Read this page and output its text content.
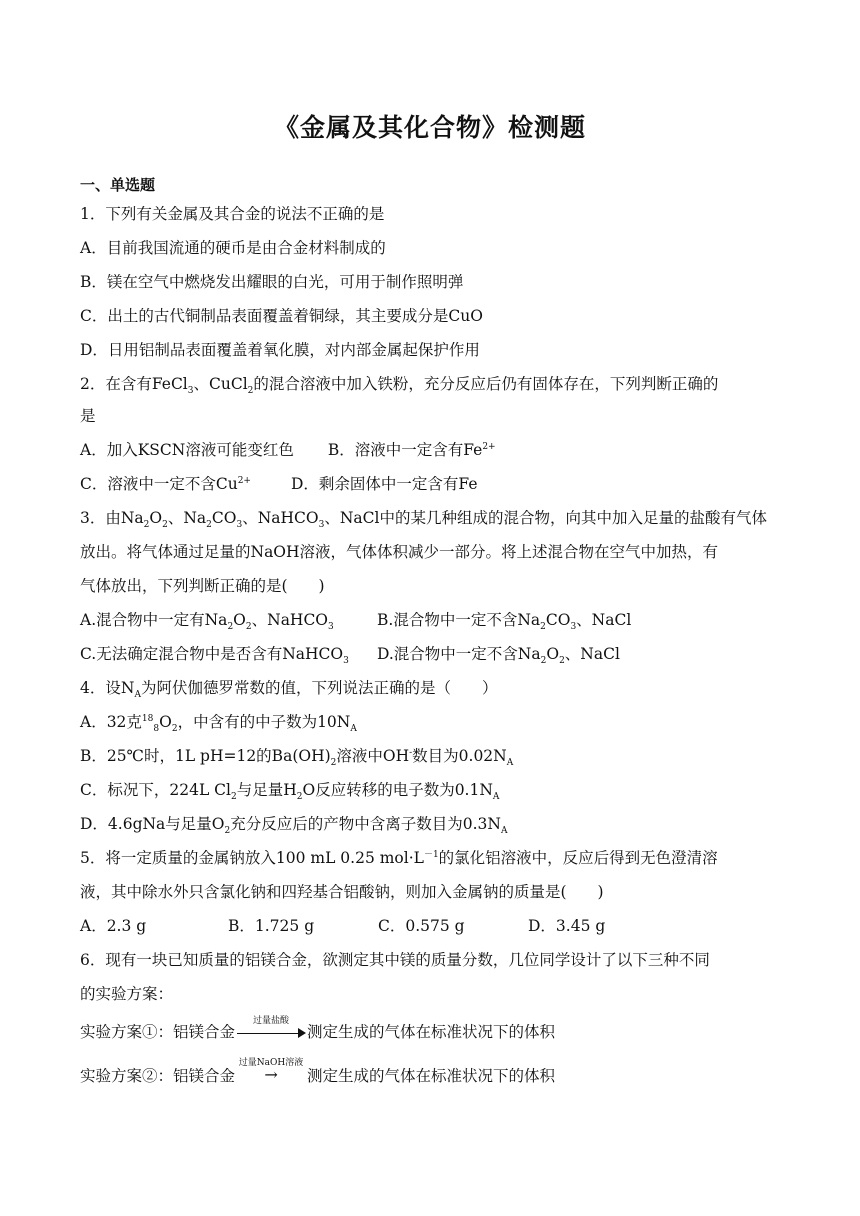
《金属及其化合物》检测题
一、单选题
1．下列有关金属及其合金的说法不正确的是
A．目前我国流通的硬币是由合金材料制成的
B．镁在空气中燃烧发出耀眼的白光，可用于制作照明弹
C．出土的古代铜制品表面覆盖着铜绿，其主要成分是CuO
D．日用铝制品表面覆盖着氧化膜，对内部金属起保护作用
2．在含有FeCl$_3$、CuCl$_2$的混合溶液中加入铁粉，充分反应后仍有固体存在，下列判断正确的
是
A．加入KSCN溶液可能变红色 B．溶液中一定含有$Fe^{2+}$
C．溶液中一定不含$Cu^{2+}$	D．剩余固体中一定含有Fe
3．由$Na_2O_2$、$Na_2CO_3$、NaHCO$_3$、NaCl中的某几种组成的混合物，向其中加入足量的盐酸有气体
放出。将气体通过足量的NaOH溶液，气体体积减少一部分。将上述混合物在空气中加热，有
气体放出，下列判断正确的是(　　)
A.混合物中一定有$Na_2O_2$、NaHCO$_3$	B.混合物中一定不含$Na_2CO_3$、NaCl
C.无法确定混合物中是否含有NaHCO$_3$ D.混合物中一定不含$Na_2O_2$、NaCl
4．设$N_A$为阿伏伽德罗常数的值，下列说法正确的是（　　）
A．32克$^{18}_8O_2$，中含有的中子数为$10N_A$
B．25℃时，1L pH=12的$Ba(OH)_2$溶液中OH-数目为$0.02N_A$
C．标况下，224L $Cl_2$与足量$H_2O$反应转移的电子数为$0.1N_A$
D．4.6gNa与足量$O_2$充分反应后的产物中含离子数目为$0.3N_A$
5．将一定质量的金属钠放入100 mL 0.25 $mol\cdot L^{-1}$的氯化铝溶液中，反应后得到无色澄清溶
液，其中除水外只含氯化钠和四羟基合铝酸钠，则加入金属钠的质量是(　　)
A．2.3 g	B．1.725 g	C．0.575 g	D．3.45 g
6．现有一块已知质量的铝镁合金，欲测定其中镁的质量分数，几位同学设计了以下三种不同
的实验方案：
实验方案①：铝镁合金
过量盐酸
测定生成的气体在标准状况下的体积
实验方案②：铝镁合金
过量NaOH溶液
→	测定生成的气体在标准状况下的体积
